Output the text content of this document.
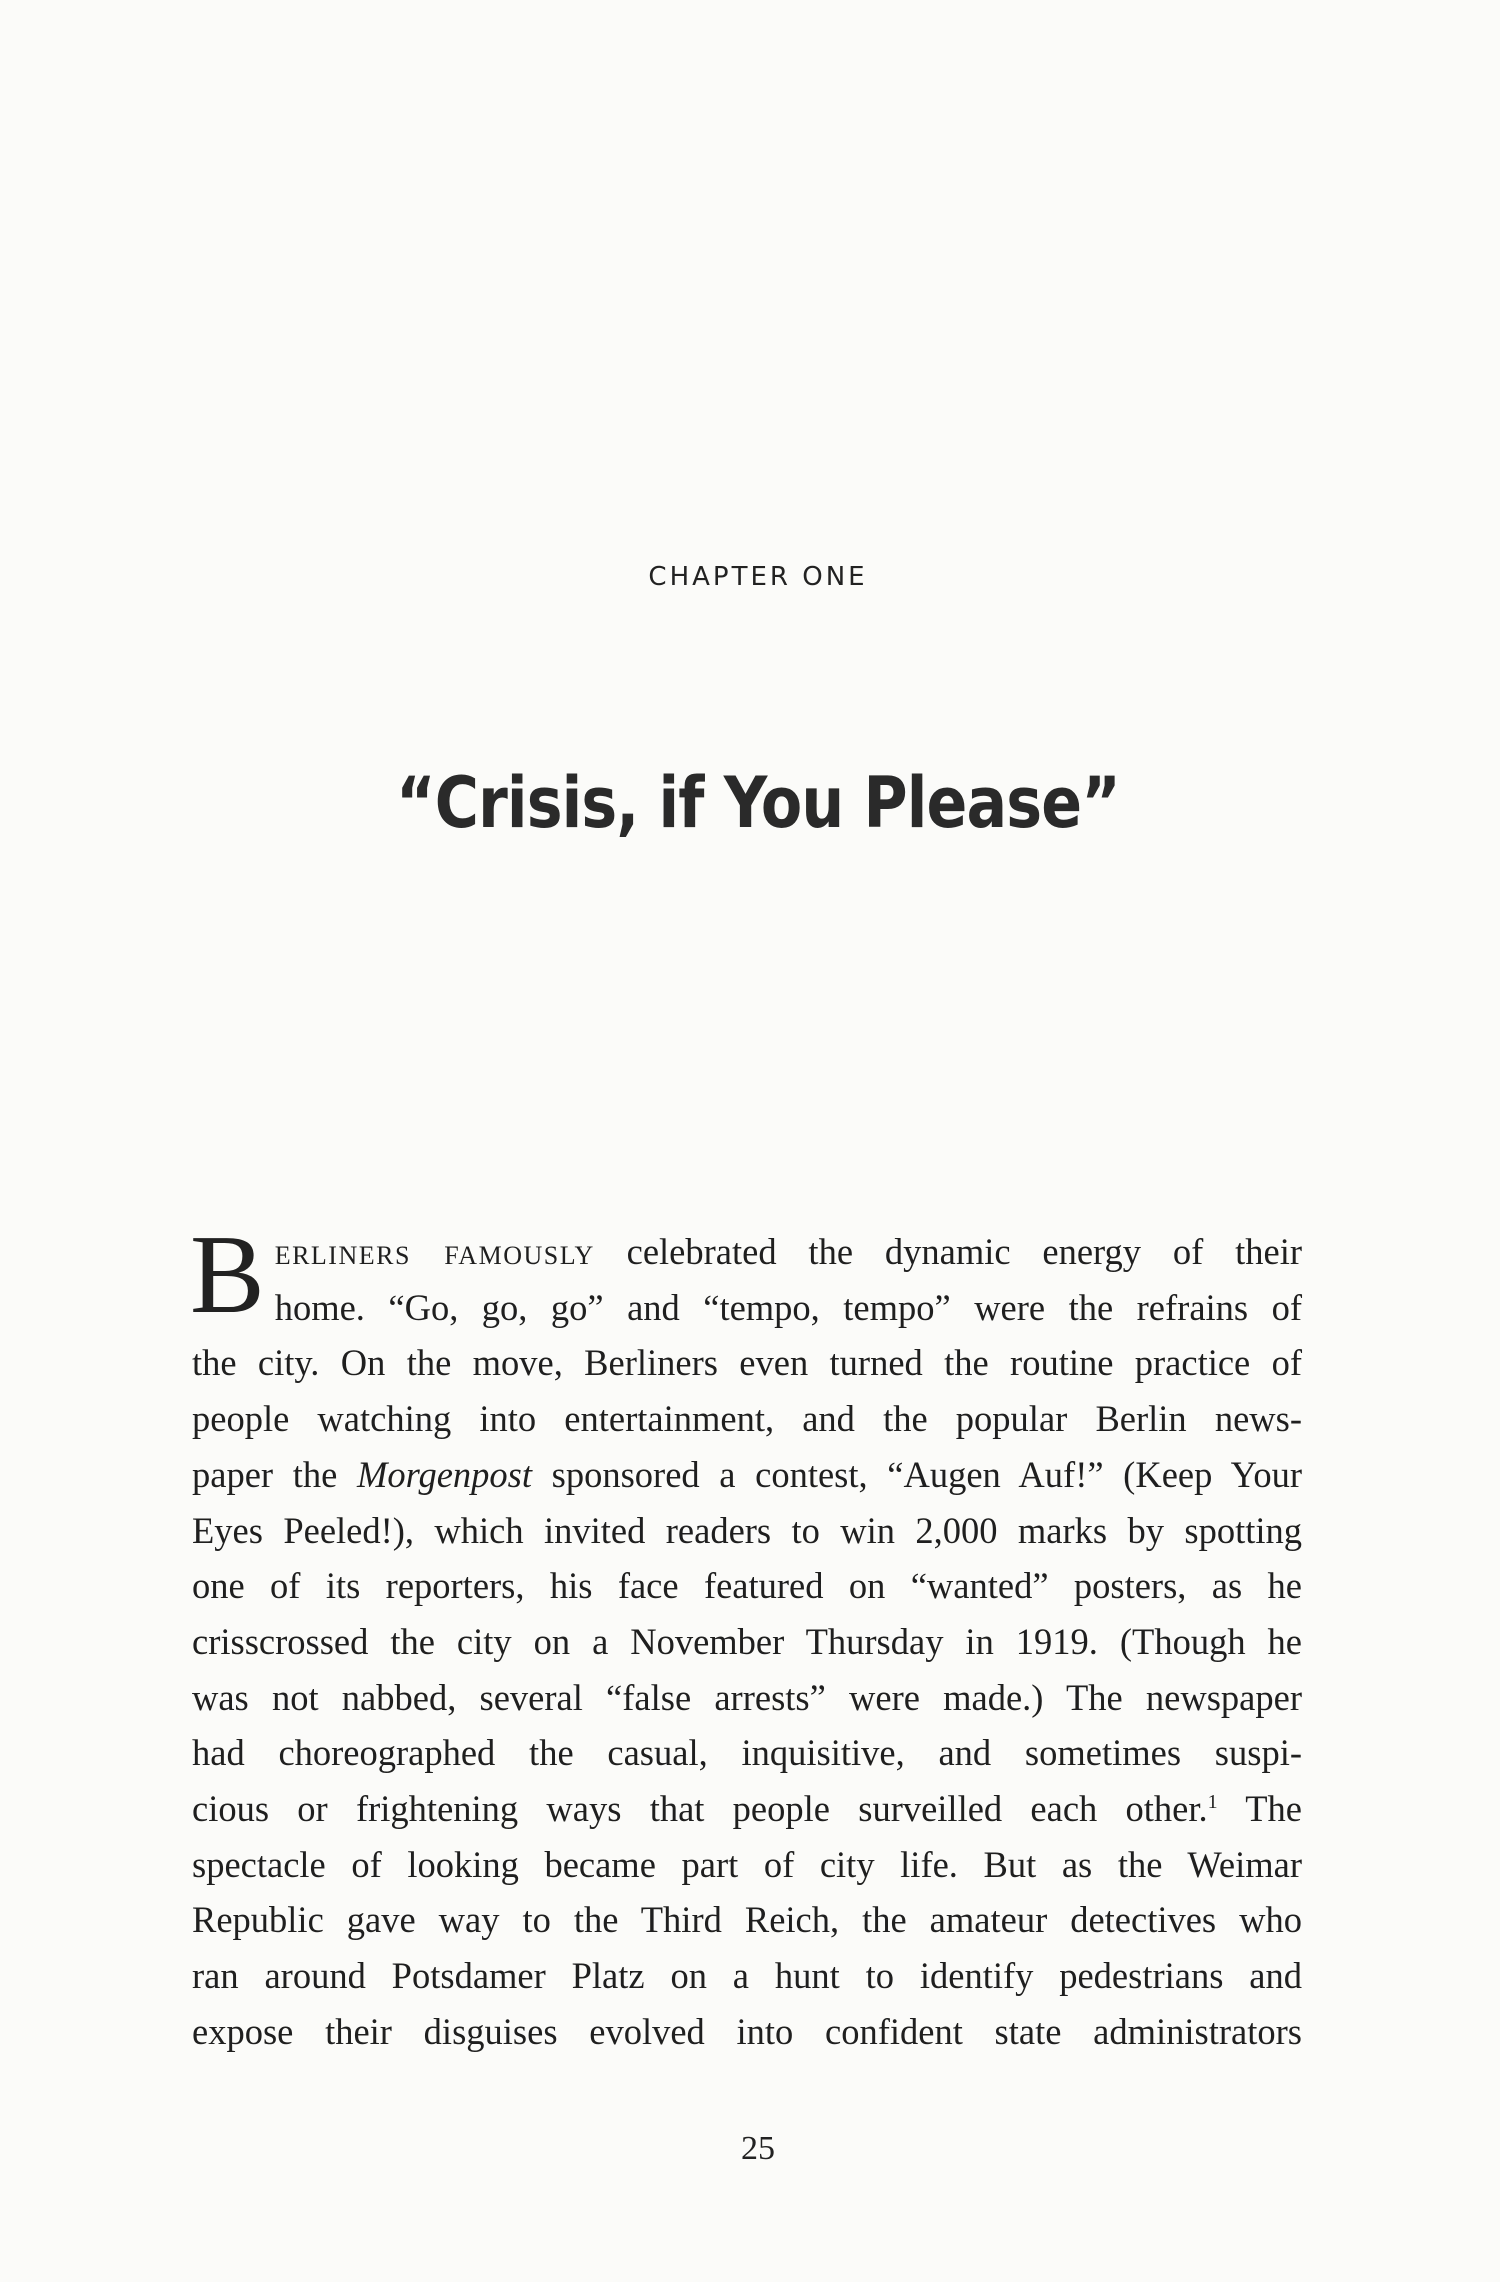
CHAPTER ONE
“Crisis, if You Please”
B erliners famously celebrated the dynamic energy of their
home. “Go, go, go” and “tempo, tempo” were the refrains of
the city. On the move, Berliners even turned the routine practice of
people watching into entertainment, and the popular Berlin news-
paper the Morgenpost sponsored a contest, “Augen Auf!” (Keep Your
Eyes Peeled!), which invited readers to win 2,000 marks by spotting
one of its reporters, his face featured on “wanted” posters, as he
crisscrossed the city on a November Thursday in 1919. (Though he
was not nabbed, several “false arrests” were made.) The newspaper
had choreographed the casual, inquisitive, and sometimes suspi-
cious or frightening ways that people surveilled each other.$^1$ The
spectacle of looking became part of city life. But as the Weimar
Republic gave way to the Third Reich, the amateur detectives who
ran around Potsdamer Platz on a hunt to identify pedestrians and
expose their disguises evolved into confident state administrators
25
